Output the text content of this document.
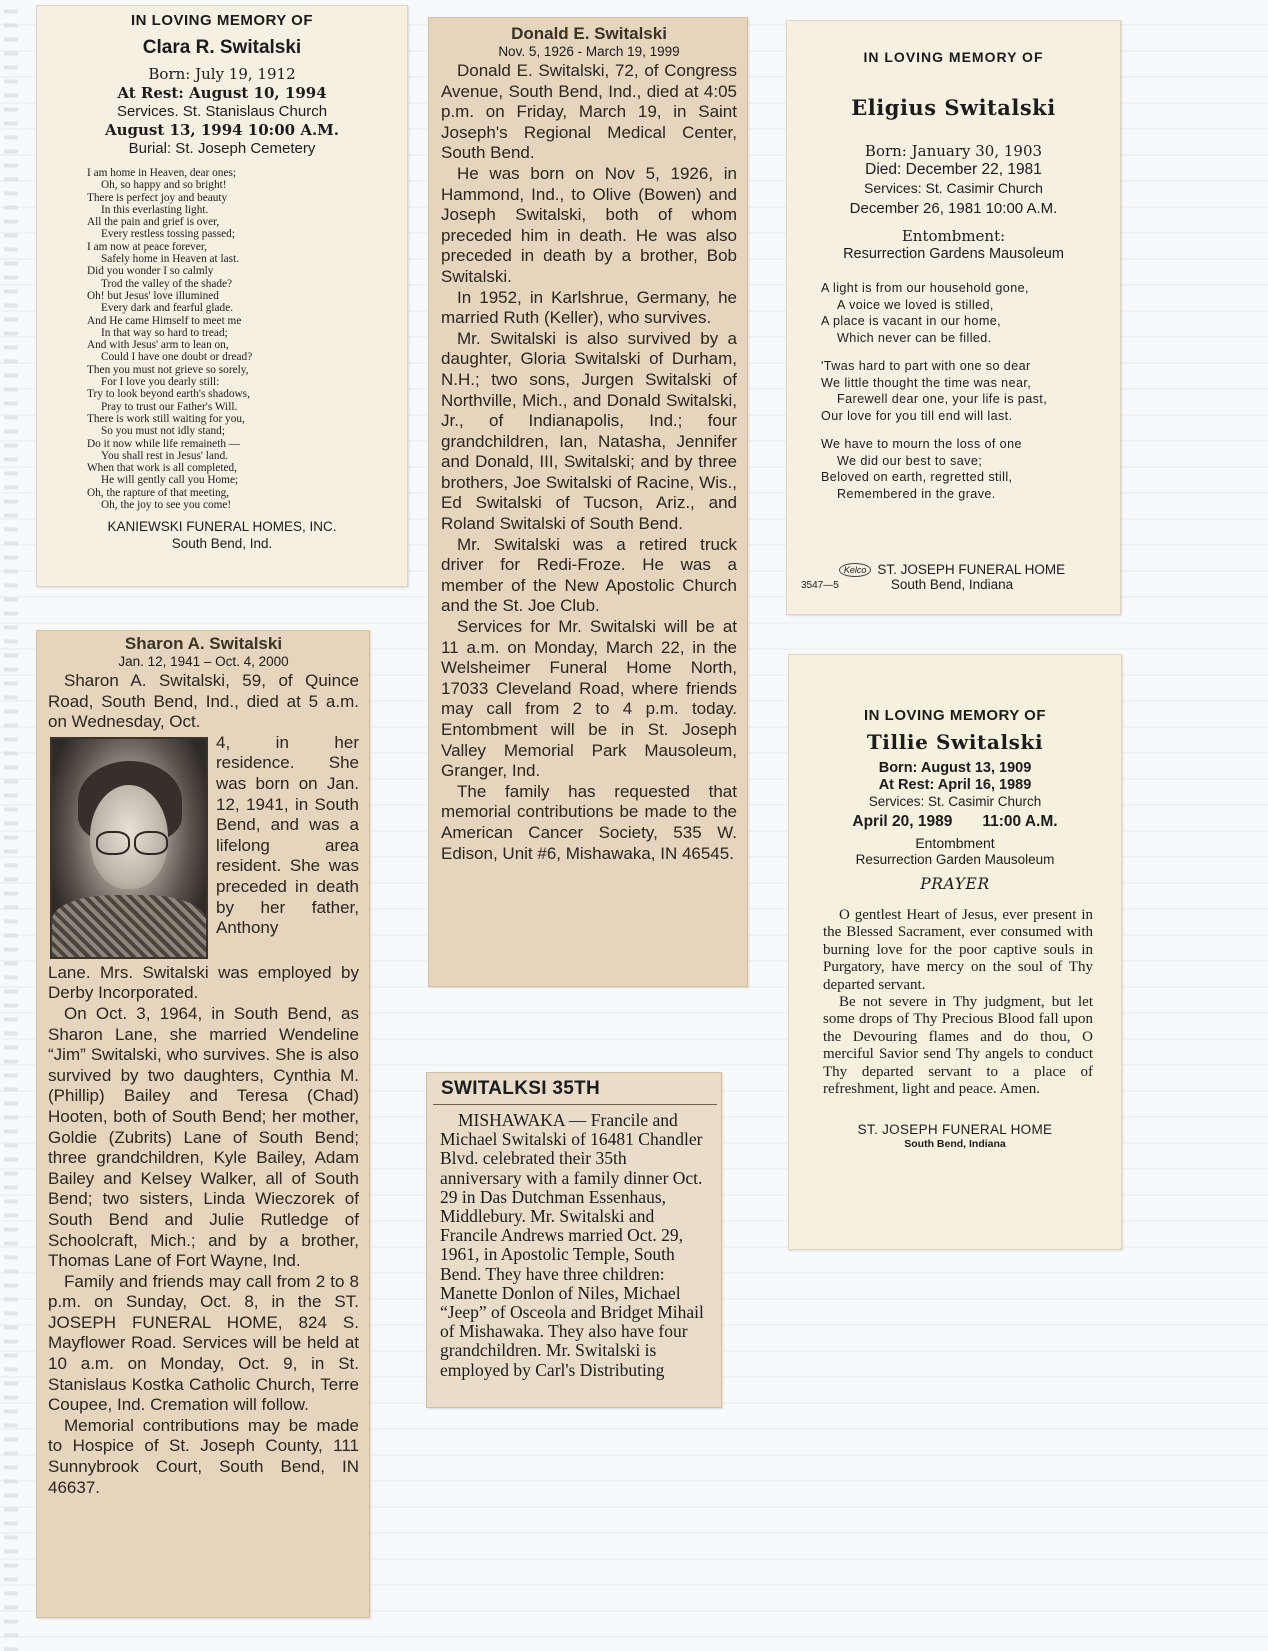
IN LOVING MEMORY OF
Clara R. Switalski
Born: July 19, 1912
At Rest: August 10, 1994
Services. St. Stanislaus Church
August 13, 1994 10:00 A.M.
Burial: St. Joseph Cemetery
I am home in Heaven, dear ones;
Oh, so happy and so bright!
There is perfect joy and beauty
In this everlasting light.
All the pain and grief is over,
Every restless tossing passed;
I am now at peace forever,
Safely home in Heaven at last.
Did you wonder I so calmly
Trod the valley of the shade?
Oh! but Jesus' love illumined
Every dark and fearful glade.
And He came Himself to meet me
In that way so hard to tread;
And with Jesus' arm to lean on,
Could I have one doubt or dread?
Then you must not grieve so sorely,
For I love you dearly still:
Try to look beyond earth's shadows,
Pray to trust our Father's Will.
There is work still waiting for you,
So you must not idly stand;
Do it now while life remaineth —
You shall rest in Jesus' land.
When that work is all completed,
He will gently call you Home;
Oh, the rapture of that meeting,
Oh, the joy to see you come!
KANIEWSKI FUNERAL HOMES, INC.
South Bend, Ind.
Donald E. Switalski
Nov. 5, 1926 - March 19, 1999

Donald E. Switalski, 72, of Congress Avenue, South Bend, Ind., died at 4:05 p.m. on Friday, March 19, in Saint Joseph's Regional Medical Center, South Bend.

He was born on Nov 5, 1926, in Hammond, Ind., to Olive (Bowen) and Joseph Switalski, both of whom preceded him in death. He was also preceded in death by a brother, Bob Switalski.

In 1952, in Karlshrue, Germany, he married Ruth (Keller), who survives.

Mr. Switalski is also survived by a daughter, Gloria Switalski of Durham, N.H.; two sons, Jurgen Switalski of Northville, Mich., and Donald Switalski, Jr., of Indianapolis, Ind.; four grandchildren, Ian, Natasha, Jennifer and Donald, III, Switalski; and by three brothers, Joe Switalski of Racine, Wis., Ed Switalski of Tucson, Ariz., and Roland Switalski of South Bend.

Mr. Switalski was a retired truck driver for Redi-Froze. He was a member of the New Apostolic Church and the St. Joe Club.

Services for Mr. Switalski will be at 11 a.m. on Monday, March 22, in the Welsheimer Funeral Home North, 17033 Cleveland Road, where friends may call from 2 to 4 p.m. today. Entombment will be in St. Joseph Valley Memorial Park Mausoleum, Granger, Ind.

The family has requested that memorial contributions be made to the American Cancer Society, 535 W. Edison, Unit #6, Mishawaka, IN 46545.

IN LOVING MEMORY OF
Eligius Switalski
Born: January 30, 1903
Died: December 22, 1981
Services: St. Casimir Church
December 26, 1981 10:00 A.M.
Entombment:
Resurrection Gardens Mausoleum
A light is from our household gone,
A voice we loved is stilled,
A place is vacant in our home,
Which never can be filled.
'Twas hard to part with one so dear
We little thought the time was near,
Farewell dear one, your life is past,
Our love for you till end will last.
We have to mourn the loss of one
We did our best to save;
Beloved on earth, regretted still,
Remembered in the grave.
Kelco ST. JOSEPH FUNERAL HOME
3547—5	South Bend, Indiana
Sharon A. Switalski
Jan. 12, 1941 – Oct. 4, 2000

Sharon A. Switalski, 59, of Quince Road, South Bend, Ind., died at 5 a.m. on Wednesday, Oct.

4, in her residence. She was born on Jan. 12, 1941, in South Bend, and was a lifelong area resident. She was preceded in death by her father, Anthony

Lane. Mrs. Switalski was employed by Derby Incorporated.

On Oct. 3, 1964, in South Bend, as Sharon Lane, she married Wendeline “Jim” Switalski, who survives. She is also survived by two daughters, Cynthia M. (Phillip) Bailey and Teresa (Chad) Hooten, both of South Bend; her mother, Goldie (Zubrits) Lane of South Bend; three grandchildren, Kyle Bailey, Adam Bailey and Kelsey Walker, all of South Bend; two sisters, Linda Wieczorek of South Bend and Julie Rutledge of Schoolcraft, Mich.; and by a brother, Thomas Lane of Fort Wayne, Ind.

Family and friends may call from 2 to 8 p.m. on Sunday, Oct. 8, in the ST. JOSEPH FUNERAL HOME, 824 S. Mayflower Road. Services will be held at 10 a.m. on Monday, Oct. 9, in St. Stanislaus Kostka Catholic Church, Terre Coupee, Ind. Cremation will follow.

Memorial contributions may be made to Hospice of St. Joseph County, 111 Sunnybrook Court, South Bend, IN 46637.

SWITALKSI 35TH
MISHAWAKA — Francile and Michael Switalski of 16481 Chandler Blvd. celebrated their 35th anniversary with a family dinner Oct. 29 in Das Dutchman Essenhaus, Middlebury. Mr. Switalski and Francile Andrews married Oct. 29, 1961, in Apostolic Temple, South Bend. They have three children: Manette Donlon of Niles, Michael “Jeep” of Osceola and Bridget Mihail of Mishawaka. They also have four grandchildren. Mr. Switalski is employed by Carl's Distributing
IN LOVING MEMORY OF
Tillie Switalski
Born: August 13, 1909
At Rest: April 16, 1989
Services: St. Casimir Church
April 20, 1989 11:00 A.M.
Entombment
Resurrection Garden Mausoleum
PRAYER

O gentlest Heart of Jesus, ever present in the Blessed Sacrament, ever consumed with burning love for the poor captive souls in Purgatory, have mercy on the soul of Thy departed servant.

Be not severe in Thy judgment, but let some drops of Thy Precious Blood fall upon the Devouring flames and do thou, O merciful Savior send Thy angels to conduct Thy departed servant to a place of refreshment, light and peace. Amen.

ST. JOSEPH FUNERAL HOME
South Bend, Indiana
